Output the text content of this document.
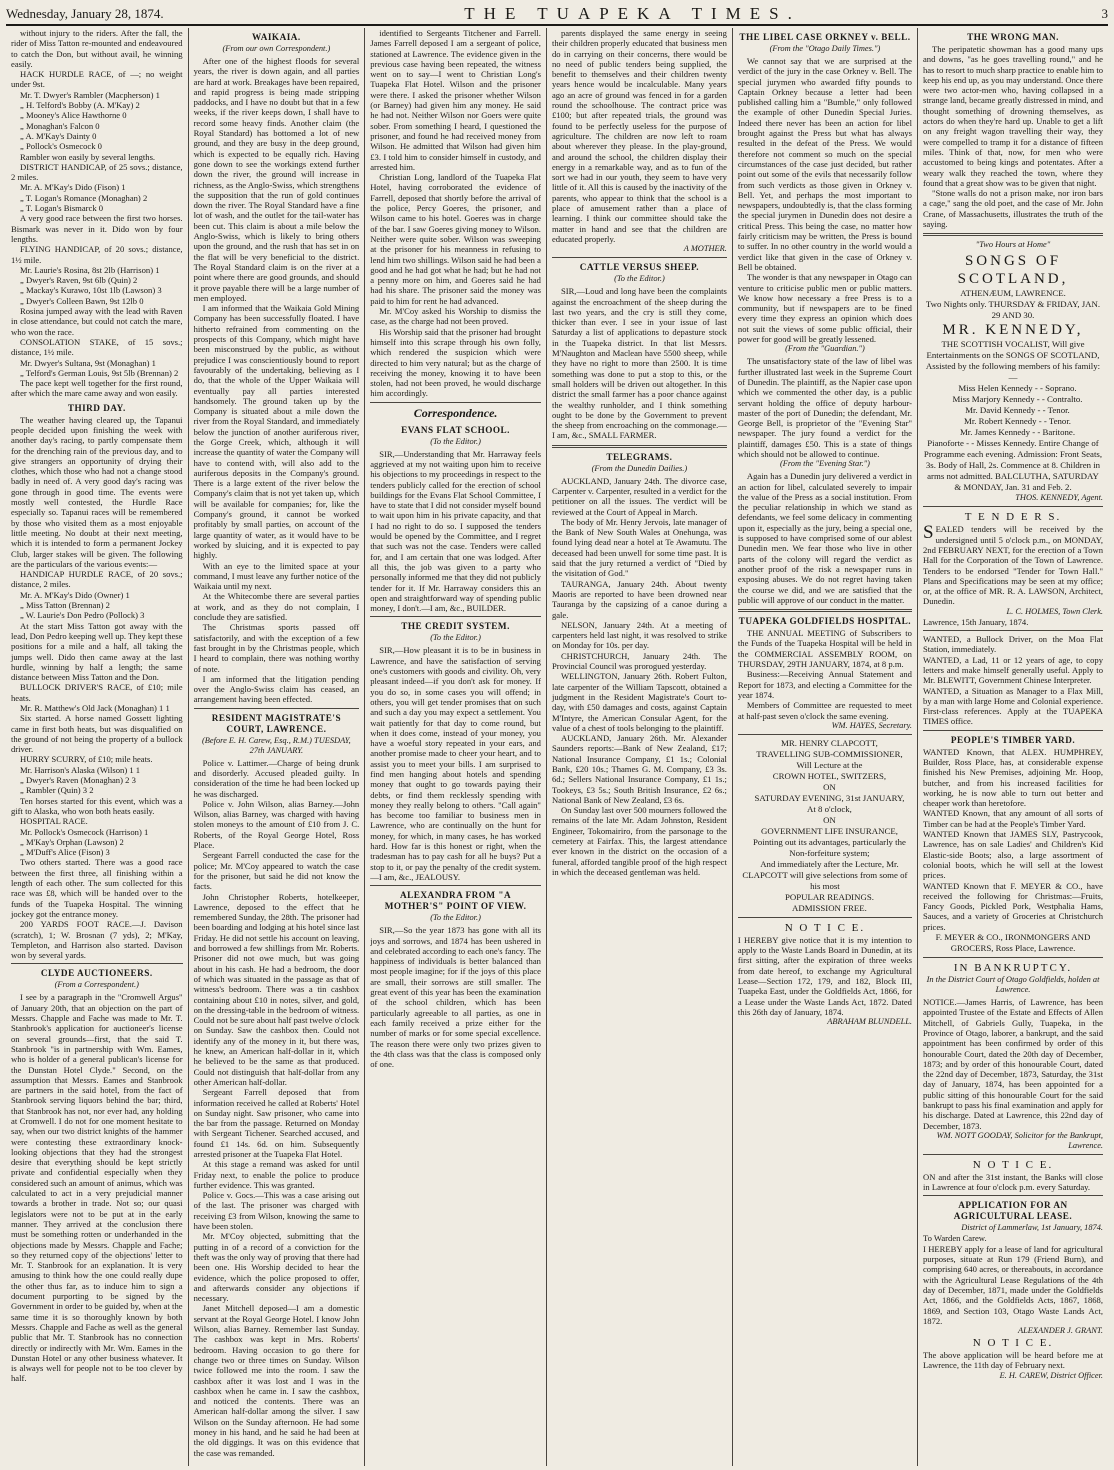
Wednesday, January 28, 1874.	THE TUAPEKA TIMES.	3

without injury to the riders. After the fall, the rider of Miss Tatton re-mounted and endeavoured to catch the Don, but without avail, he winning easily.

HACK HURDLE RACE, of —; no weight under 9st.

Mr. T. Dwyer's Rambler (Macpherson) 1

„ H. Telford's Bobby (A. M'Kay) 2

„ Mooney's Alice Hawthorne 0

„ Monaghan's Falcon 0

„ A. M'Kay's Dainty 0

„ Pollock's Osmecock 0

Rambler won easily by several lengths.

DISTRICT HANDICAP, of 25 sovs.; distance, 2 miles.

Mr. A. M'Kay's Dido (Fison) 1

„ T. Logan's Romance (Monaghan) 2

„ T. Logan's Bismarck 0

A very good race between the first two horses. Bismark was never in it. Dido won by four lengths.

FLYING HANDICAP, of 20 sovs.; distance, 1½ mile.

Mr. Laurie's Rosina, 8st 2lb (Harrison) 1

„ Dwyer's Raven, 9st 6lb (Quin) 2

„ Mackay's Kurawo, 10st 1lb (Lawson) 3

„ Dwyer's Colleen Bawn, 9st 12lb 0

Rosina jumped away with the lead with Raven in close attendance, but could not catch the mare, who won the race.

CONSOLATION STAKE, of 15 sovs.; distance, 1½ mile.

Mr. Dwyer's Sultana, 9st (Monaghan) 1

„ Telford's German Louis, 9st 5lb (Brennan) 2

The pace kept well together for the first round, after which the mare came away and won easily.

THIRD DAY.

The weather having cleared up, the Tapanui people decided upon finishing the week with another day's racing, to partly compensate them for the drenching rain of the previous day, and to give strangers an opportunity of drying their clothes, which those who had not a change stood badly in need of. A very good day's racing was gone through in good time. The events were mostly well contested, the Hurdle Race especially so. Tapanui races will be remembered by those who visited them as a most enjoyable little meeting. No doubt at their next meeting, which it is intended to form a permanent Jockey Club, larger stakes will be given. The following are the particulars of the various events:—

HANDICAP HURDLE RACE, of 20 sovs.; distance, 2 miles.

Mr. A. M'Kay's Dido (Owner) 1

„ Miss Tatton (Brennan) 2

„ W. Laurie's Don Pedro (Pollock) 3

At the start Miss Tatton got away with the lead, Don Pedro keeping well up. They kept these positions for a mile and a half, all taking the jumps well. Dido then came away at the last hurdle, winning by half a length; the same distance between Miss Tatton and the Don.

BULLOCK DRIVER'S RACE, of £10; mile heats.

Mr. R. Matthew's Old Jack (Monaghan) 1 1

Six started. A horse named Gossett lighting came in first both heats, but was disqualified on the ground of not being the property of a bullock driver.

HURRY SCURRY, of £10; mile heats.

Mr. Harrison's Alaska (Wilson) 1 1

„ Dwyer's Raven (Monaghan) 2 3

„ Rambler (Quin) 3 2

Ten horses started for this event, which was a gift to Alaska, who won both heats easily.

HOSPITAL RACE.

Mr. Pollock's Osmecock (Harrison) 1

„ M'Kay's Orphan (Lawson) 2

„ M'Duff's Alice (Fison) 3

Two others started. There was a good race between the first three, all finishing within a length of each other. The sum collected for this race was £8, which will be handed over to the funds of the Tuapeka Hospital. The winning jockey got the entrance money.

200 YARDS FOOT RACE.—J. Davison (scratch), 1; W. Brosnan (7 yds), 2; M'Kay, Templeton, and Harrison also started. Davison won by several yards.

CLYDE AUCTIONEERS.
(From a Correspondent.)

I see by a paragraph in the "Cromwell Argus" of January 20th, that an objection on the part of Messrs. Chapple and Fache was made to Mr. T. Stanbrook's application for auctioneer's license on several grounds—first, that the said T. Stanbrook "is in partnership with Wm. Eames, who is holder of a general publican's license for the Dunstan Hotel Clyde." Second, on the assumption that Messrs. Eames and Stanbrook are partners in the said hotel, from the fact of Stanbrook serving liquors behind the bar; third, that Stanbrook has not, nor ever had, any holding at Cromwell. I do not for one moment hesitate to say, when our two district knights of the hammer were contesting these extraordinary knock-looking objections that they had the strongest desire that everything should be kept strictly private and confidential especially when they considered such an amount of animus, which was calculated to act in a very prejudicial manner towards a brother in trade. Not so; our quasi legislators were not to be put at in the early manner. They arrived at the conclusion there must be something rotten or underhanded in the objections made by Messrs. Chapple and Fache; so they returned copy of the objections' letter to Mr. T. Stanbrook for an explanation. It is very amusing to think how the one could really dupe the other thus far, as to induce him to sign a document purporting to be signed by the Government in order to be guided by, when at the same time it is so thoroughly known by both Messrs. Chapple and Fache as well as the general public that Mr. T. Stanbrook has no connection directly or indirectly with Mr. Wm. Eames in the Dunstan Hotel or any other business whatever. It is always well for people not to be too clever by half.

WAIKAIA.
(From our own Correspondent.)

After one of the highest floods for several years, the river is down again, and all parties are hard at work. Breakages have been repaired, and rapid progress is being made stripping paddocks, and I have no doubt but that in a few weeks, if the river keeps down, I shall have to record some heavy finds. Another claim (the Royal Standard) has bottomed a lot of new ground, and they are busy in the deep ground, which is expected to be equally rich. Having gone down to see the workings extend further down the river, the ground will increase in richness, as the Anglo-Swiss, which strengthens the supposition that the run of gold continues down the river. The Royal Standard have a fine lot of wash, and the outlet for the tail-water has been cut. This claim is about a mile below the Anglo-Swiss, which is likely to bring others upon the ground, and the rush that has set in on the flat will be very beneficial to the district. The Royal Standard claim is on the river at a point where there are good grounds, and should it prove payable there will be a large number of men employed.

I am informed that the Waikaia Gold Mining Company has been successfully floated. I have hitherto refrained from commenting on the prospects of this Company, which might have been misconstrued by the public, as without prejudice I was conscientiously bound to report favourably of the undertaking, believing as I do, that the whole of the Upper Waikaia will eventually pay all parties interested handsomely. The ground taken up by the Company is situated about a mile down the river from the Royal Standard, and immediately below the junction of another auriferous river, the Gorge Creek, which, although it will increase the quantity of water the Company will have to contend with, will also add to the auriferous deposits in the Company's ground. There is a large extent of the river below the Company's claim that is not yet taken up, which will be available for companies; for, like the Company's ground, it cannot be worked profitably by small parties, on account of the large quantity of water, as it would have to be worked by sluicing, and it is expected to pay highly.

With an eye to the limited space at your command, I must leave any further notice of the Waikaia until my next.

At the Whitecombe there are several parties at work, and as they do not complain, I conclude they are satisfied.

The Christmas sports passed off satisfactorily, and with the exception of a few fast brought in by the Christmas people, which I heard to complain, there was nothing worthy of note.

I am informed that the litigation pending over the Anglo-Swiss claim has ceased, an arrangement having been effected.

RESIDENT MAGISTRATE'S COURT, LAWRENCE.
(Before E. H. Carew, Esq., R.M.) TUESDAY, 27th JANUARY.

Police v. Lattimer.—Charge of being drunk and disorderly. Accused pleaded guilty. In consideration of the time he had been locked up he was discharged.

Police v. John Wilson, alias Barney.—John Wilson, alias Barney, was charged with having stolen moneys to the amount of £10 from J. C. Roberts, of the Royal George Hotel, Ross Place.

Sergeant Farrell conducted the case for the police; Mr. M'Coy appeared to watch the case for the prisoner, but said he did not know the facts.

John Christopher Roberts, hotelkeeper, Lawrence, deposed to the effect that he remembered Sunday, the 28th. The prisoner had been boarding and lodging at his hotel since last Friday. He did not settle his account on leaving, and borrowed a few shillings from Mr. Roberts. Prisoner did not owe much, but was going about in his cash. He had a bedroom, the door of which was situated in the passage as that of witness's bedroom. There was a tin cashbox containing about £10 in notes, silver, and gold, on the dressing-table in the bedroom of witness. Could not be sure about half past twelve o'clock on Sunday. Saw the cashbox then. Could not identify any of the money in it, but there was, he knew, an American half-dollar in it, which he believed to be the same as that produced. Could not distinguish that half-dollar from any other American half-dollar.

Sergeant Farrell deposed that from information received he called at Roberts' Hotel on Sunday night. Saw prisoner, who came into the bar from the passage. Returned on Monday with Sergeant Tichener. Searched accused, and found £1 14s. 6d. on him. Subsequently arrested prisoner at the Tuapeka Flat Hotel.

At this stage a remand was asked for until Friday next, to enable the police to produce further evidence. This was granted.

Police v. Gocs.—This was a case arising out of the last. The prisoner was charged with receiving £3 from Wilson, knowing the same to have been stolen.

Mr. M'Coy objected, submitting that the putting in of a record of a conviction for the theft was the only way of proving that there had been one. His Worship decided to hear the evidence, which the police proposed to offer, and afterwards consider any objections if necessary.

Janet Mitchell deposed—I am a domestic servant at the Royal George Hotel. I know John Wilson, alias Barney. Remember last Sunday. The cashbox was kept in Mrs. Roberts' bedroom. Having occasion to go there for change two or three times on Sunday. Wilson twice followed me into the room. I saw the cashbox after it was lost and I was in the cashbox when he came in. I saw the cashbox, and noticed the contents. There was an American half-dollar among the silver. I saw Wilson on the Sunday afternoon. He had some money in his hand, and he said he had been at the old diggings. It was on this evidence that the case was remanded.

identified to Sergeants Titchener and Farrell. James Farrell deposed I am a sergeant of police, stationed at Lawrence. The evidence given in the previous case having been repeated, the witness went on to say—I went to Christian Long's Tuapeka Flat Hotel. Wilson and the prisoner were there. I asked the prisoner whether Wilson (or Barney) had given him any money. He said he had not. Neither Wilson nor Goers were quite sober. From something I heard, I questioned the prisoner, and found he had received money from Wilson. He admitted that Wilson had given him £3. I told him to consider himself in custody, and arrested him.

Christian Long, landlord of the Tuapeka Flat Hotel, having corroborated the evidence of Farrell, deposed that shortly before the arrival of the police, Percy Goeres, the prisoner, and Wilson came to his hotel. Goeres was in charge of the bar. I saw Goeres giving money to Wilson. Neither were quite sober. Wilson was sweeping at the prisoner for his meanness in refusing to lend him two shillings. Wilson said he had been a good and he had got what he had; but he had not a penny more on him, and Goeres said he had had his share. The prisoner said the money was paid to him for rent he had advanced.

Mr. M'Coy asked his Worship to dismiss the case, as the charge had not been proved.

His Worship said that the prisoner had brought himself into this scrape through his own folly, which rendered the suspicion which were directed to him very natural; but as the charge of receiving the money, knowing it to have been stolen, had not been proved, he would discharge him accordingly.

Correspondence.
EVANS FLAT SCHOOL.
(To the Editor.)

SIR,—Understanding that Mr. Harraway feels aggrieved at my not waiting upon him to receive his objections to my proceedings in respect to the tenders publicly called for the erection of school buildings for the Evans Flat School Committee, I have to state that I did not consider myself bound to wait upon him in his private capacity, and that I had no right to do so. I supposed the tenders would be opened by the Committee, and I regret that such was not the case. Tenders were called for, and I am certain that one was lodged. After all this, the job was given to a party who personally informed me that they did not publicly tender for it. If Mr. Harraway considers this an open and straightforward way of spending public money, I don't.—I am, &c., BUILDER.

THE CREDIT SYSTEM.
(To the Editor.)

SIR,—How pleasant it is to be in business in Lawrence, and have the satisfaction of serving one's customers with goods and civility. Oh, very pleasant indeed—if you don't ask for money. If you do so, in some cases you will offend; in others, you will get tender promises that on such and such a day you may expect a settlement. You wait patiently for that day to come round, but when it does come, instead of your money, you have a woeful story repeated in your ears, and another promise made to cheer your heart, and to assist you to meet your bills. I am surprised to find men hanging about hotels and spending money that ought to go towards paying their debts, or find them recklessly spending with money they really belong to others. "Call again" has become too familiar to business men in Lawrence, who are continually on the hunt for money, for which, in many cases, he has worked hard. How far is this honest or right, when the tradesman has to pay cash for all he buys? Put a stop to it, or pay the penalty of the credit system.—I am, &c., JEALOUSY.

ALEXANDRA FROM "A MOTHER'S" POINT OF VIEW.
(To the Editor.)

SIR,—So the year 1873 has gone with all its joys and sorrows, and 1874 has been ushered in and celebrated according to each one's fancy. The happiness of individuals is better balanced than most people imagine; for if the joys of this place are small, their sorrows are still smaller. The great event of this year has been the examination of the school children, which has been particularly agreeable to all parties, as one in each family received a prize either for the number of marks or for some special excellence. The reason there were only two prizes given to the 4th class was that the class is composed only of one.

parents displayed the same energy in seeing their children properly educated that business men do in carrying on their concerns, there would be no need of public tenders being supplied, the benefit to themselves and their children twenty years hence would be incalculable. Many years ago an acre of ground was fenced in for a garden round the schoolhouse. The contract price was £100; but after repeated trials, the ground was found to be perfectly useless for the purpose of agriculture. The children are now left to roam about wherever they please. In the play-ground, and around the school, the children display their energy in a remarkable way, and as to fun of the sort we had in our youth, they seem to have very little of it. All this is caused by the inactivity of the parents, who appear to think that the school is a place of amusement rather than a place of learning. I think our committee should take the matter in hand and see that the children are educated properly.

A MOTHER.
CATTLE VERSUS SHEEP.
(To the Editor.)

SIR,—Loud and long have been the complaints against the encroachment of the sheep during the last two years, and the cry is still they come, thicker than ever. I see in your issue of last Saturday a list of applications to depasture stock in the Tuapeka district. In that list Messrs. M'Naughton and Maclean have 5500 sheep, while they have no right to more than 2500. It is time something was done to put a stop to this, or the small holders will be driven out altogether. In this district the small farmer has a poor chance against the wealthy runholder, and I think something ought to be done by the Government to prevent the sheep from encroaching on the commonage.—I am, &c., SMALL FARMER.

TELEGRAMS.
(From the Dunedin Dailies.)

AUCKLAND, January 24th. The divorce case, Carpenter v. Carpenter, resulted in a verdict for the petitioner on all the issues. The verdict will be reviewed at the Court of Appeal in March.

The body of Mr. Henry Jervois, late manager of the Bank of New South Wales at Onehunga, was found lying dead near a hotel at Te Awamutu. The deceased had been unwell for some time past. It is said that the jury returned a verdict of "Died by the visitation of God."

TAURANGA, January 24th. About twenty Maoris are reported to have been drowned near Tauranga by the capsizing of a canoe during a gale.

NELSON, January 24th. At a meeting of carpenters held last night, it was resolved to strike on Monday for 10s. per day.

CHRISTCHURCH, January 24th. The Provincial Council was prorogued yesterday.

WELLINGTON, January 26th. Robert Fulton, late carpenter of the William Tapscott, obtained a judgment in the Resident Magistrate's Court to-day, with £50 damages and costs, against Captain M'Intyre, the American Consular Agent, for the value of a chest of tools belonging to the plaintiff.

AUCKLAND, January 26th. Mr. Alexander Saunders reports:—Bank of New Zealand, £17; National Insurance Company, £1 1s.; Colonial Bank, £20 10s.; Thames G. M. Company, £3 3s. 6d.; Sellers National Insurance Company, £1 1s.; Tookeys, £3 5s.; South British Insurance, £2 6s.; National Bank of New Zealand, £3 6s.

On Sunday last over 500 mourners followed the remains of the late Mr. Adam Johnston, Resident Engineer, Tokomairiro, from the parsonage to the cemetery at Fairfax. This, the largest attendance ever known in the district on the occasion of a funeral, afforded tangible proof of the high respect in which the deceased gentleman was held.

THE LIBEL CASE ORKNEY v. BELL.
(From the "Otago Daily Times.")

We cannot say that we are surprised at the verdict of the jury in the case Orkney v. Bell. The special jurymen who awarded fifty pounds to Captain Orkney because a letter had been published calling him a "Bumble," only followed the example of other Dunedin Special Juries. Indeed there never has been an action for libel brought against the Press but what has always resulted in the defeat of the Press. We would therefore not comment so much on the special circumstances of the case just decided, but rather point out some of the evils that necessarily follow from such verdicts as those given in Orkney v. Bell. Yet, and perhaps the most important to newspapers, undoubtedly is, that the class forming the special jurymen in Dunedin does not desire a critical Press. This being the case, no matter how fairly criticism may be written, the Press is bound to suffer. In no other country in the world would a verdict like that given in the case of Orkney v. Bell be obtained.

The wonder is that any newspaper in Otago can venture to criticise public men or public matters. We know how necessary a free Press is to a community, but if newspapers are to be fined every time they express an opinion which does not suit the views of some public official, their power for good will be greatly lessened.

(From the "Guardian.")

The unsatisfactory state of the law of libel was further illustrated last week in the Supreme Court of Dunedin. The plaintiff, as the Napier case upon which we commented the other day, is a public servant holding the office of deputy harbour-master of the port of Dunedin; the defendant, Mr. George Bell, is proprietor of the "Evening Star" newspaper. The jury found a verdict for the plaintiff, damages £50. This is a state of things which should not be allowed to continue.

(From the "Evening Star.")

Again has a Dunedin jury delivered a verdict in an action for libel, calculated severely to impair the value of the Press as a social institution. From the peculiar relationship in which we stand as defendants, we feel some delicacy in commenting upon it, especially as the jury, being a special one, is supposed to have comprised some of our ablest Dunedin men. We fear those who live in other parts of the colony will regard the verdict as another proof of the risk a newspaper runs in exposing abuses. We do not regret having taken the course we did, and we are satisfied that the public will approve of our conduct in the matter.

TUAPEKA GOLDFIELDS HOSPITAL.

THE ANNUAL MEETING of Subscribers to the Funds of the Tuapeka Hospital will be held in the COMMERCIAL ASSEMBLY ROOM, on THURSDAY, 29TH JANUARY, 1874, at 8 p.m.

Business:—Receiving Annual Statement and Report for 1873, and electing a Committee for the year 1874.

Members of Committee are requested to meet at half-past seven o'clock the same evening.

WM. HAYES, Secretary.

MR. HENRY CLAPCOTT,

TRAVELLING SUB-COMMISSIONER,

Will Lecture at the

CROWN HOTEL, SWITZERS,

ON

SATURDAY EVENING, 31st JANUARY,

At 8 o'clock,

ON

GOVERNMENT LIFE INSURANCE,

Pointing out its advantages, particularly the

Non-forfeiture system;

And immediately after the Lecture, Mr. CLAPCOTT will give selections from some of his most

POPULAR READINGS.

ADMISSION FREE.

N O T I C E.

I HEREBY give notice that it is my intention to apply to the Waste Lands Board in Dunedin, at its first sitting, after the expiration of three weeks from date hereof, to exchange my Agricultural Lease—Section 172, 179, and 182, Block III, Tuapeka East, under the Goldfields Act, 1866, for a Lease under the Waste Lands Act, 1872. Dated this 26th day of January, 1874.

ABRAHAM BLUNDELL.
THE WRONG MAN.

The peripatetic showman has a good many ups and downs, "as he goes travelling round," and he has to resort to much sharp practice to enable him to keep his end up, as you may understand. Once there were two actor-men who, having collapsed in a strange land, became greatly distressed in mind, and thought something of drowning themselves, as actors do when they're hard up. Unable to get a lift on any freight wagon travelling their way, they were compelled to tramp it for a distance of fifteen miles. Think of that, now, for men who were accustomed to being kings and potentates. After a weary walk they reached the town, where they found that a great show was to be given that night.

"Stone walls do not a prison make, nor iron bars a cage," sang the old poet, and the case of Mr. John Crane, of Massachusetts, illustrates the truth of the saying.

"Two Hours at Home"
SONGS OF SCOTLAND,
ATHENÆUM, LAWRENCE.
Two Nights only. THURSDAY & FRIDAY, JAN. 29 AND 30.
MR. KENNEDY,
THE SCOTTISH VOCALIST, Will give Entertainments on the SONGS OF SCOTLAND, Assisted by the following members of his family:—

Miss Helen Kennedy - - Soprano.

Miss Marjory Kennedy - - Contralto.

Mr. David Kennedy - - Tenor.

Mr. Robert Kennedy - - Tenor.

Mr. James Kennedy - - Baritone.

Pianoforte - - Misses Kennedy. Entire Change of Programme each evening. Admission: Front Seats, 3s. Body of Hall, 2s. Commence at 8. Children in arms not admitted. BALCLUTHA, SATURDAY & MONDAY, Jan. 31 and Feb. 2.
THOS. KENNEDY, Agent.
T E N D E R S.

SEALED tenders will be received by the undersigned until 5 o'clock p.m., on MONDAY, 2nd FEBRUARY NEXT, for the erection of a Town Hall for the Corporation of the Town of Lawrence. Tenders to be endorsed "Tender for Town Hall." Plans and Specifications may be seen at my office; or, at the office of MR. R. A. LAWSON, Architect, Dunedin.

L. C. HOLMES, Town Clerk.

Lawrence, 15th January, 1874.

WANTED, a Bullock Driver, on the Moa Flat Station, immediately.

WANTED, a Lad, 11 or 12 years of age, to copy letters and make himself generally useful. Apply to Mr. BLEWITT, Government Chinese Interpreter.

WANTED, a Situation as Manager to a Flax Mill, by a man with large Home and Colonial experience. First-class references. Apply at the TUAPEKA TIMES office.

PEOPLE'S TIMBER YARD.

WANTED Known, that ALEX. HUMPHREY, Builder, Ross Place, has, at considerable expense finished his New Premises, adjoining Mr. Hoop, butcher, and from his increased facilities for working, he is now able to turn out better and cheaper work than heretofore.

WANTED Known, that any amount of all sorts of Timber can be had at the People's Timber Yard.

WANTED Known that JAMES SLY, Pastrycook, Lawrence, has on sale Ladies' and Children's Kid Elastic-side Boots; also, a large assortment of colonial boots, which he will sell at the lowest prices.

WANTED Known that F. MEYER & CO., have received the following for Christmas:—Fruits, Fancy Goods, Pickled Pork, Westphalia Hams, Sauces, and a variety of Groceries at Christchurch prices.

F. MEYER & CO., IRONMONGERS AND GROCERS, Ross Place, Lawrence.
IN BANKRUPTCY.
In the District Court of Otago Goldfields, holden at Lawrence.

NOTICE.—James Harris, of Lawrence, has been appointed Trustee of the Estate and Effects of Allen Mitchell, of Gabriels Gully, Tuapeka, in the Province of Otago, laborer, a bankrupt, and the said appointment has been confirmed by order of this honourable Court, dated the 20th day of December, 1873; and by order of this honourable Court, dated the 22nd day of December, 1873, Saturday, the 31st day of January, 1874, has been appointed for a public sitting of this honourable Court for the said bankrupt to pass his final examination and apply for his discharge. Dated at Lawrence, this 22nd day of December, 1873.

WM. NOTT GOODAY, Solicitor for the Bankrupt, Lawrence.
N O T I C E.

ON and after the 31st instant, the Banks will close in Lawrence at four o'clock p.m. every Saturday.

APPLICATION FOR AN AGRICULTURAL LEASE.
District of Lammerlaw, 1st January, 1874.

To Warden Carew.

I HEREBY apply for a lease of land for agricultural purposes, situate at Run 179 (Friend Burn), and comprising 640 acres, or thereabouts, in accordance with the Agricultural Lease Regulations of the 4th day of December, 1871, made under the Goldfields Act, 1866, and the Goldfields Acts, 1867, 1868, 1869, and Section 103, Otago Waste Lands Act, 1872.

ALEXANDER J. GRANT.
N O T I C E.

The above application will be heard before me at Lawrence, the 11th day of February next.

E. H. CAREW, District Officer.
